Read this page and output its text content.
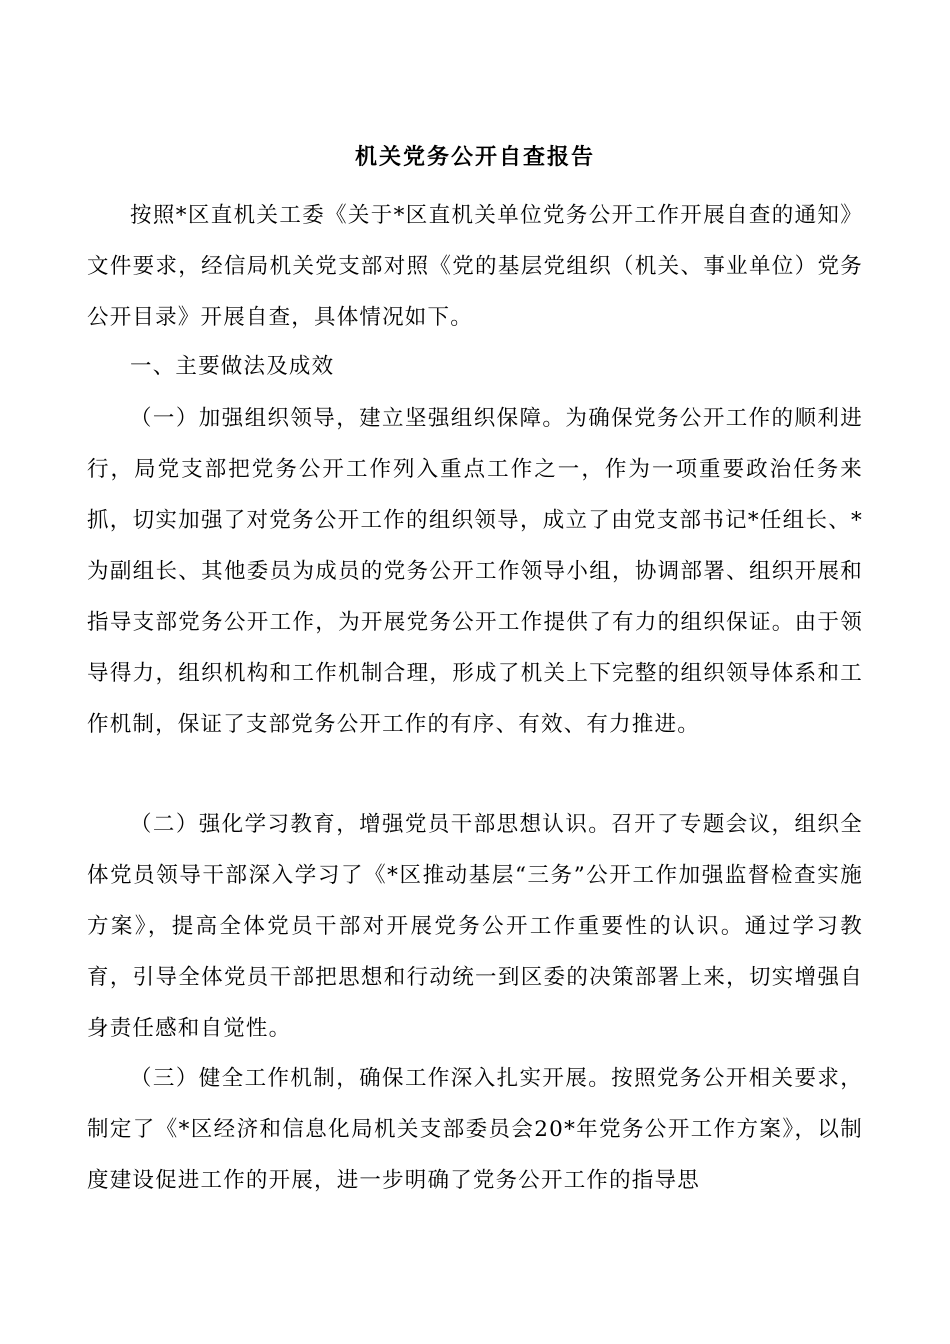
机关党务公开自查报告

按照*区直机关工委《关于*区直机关单位党务公开工作开展自查的通知》文件要求，经信局机关党支部对照《党的基层党组织（机关、事业单位）党务公开目录》开展自查，具体情况如下。

一、主要做法及成效

（一）加强组织领导，建立坚强组织保障。为确保党务公开工作的顺利进行，局党支部把党务公开工作列入重点工作之一，作为一项重要政治任务来抓，切实加强了对党务公开工作的组织领导，成立了由党支部书记*任组长、*为副组长、其他委员为成员的党务公开工作领导小组，协调部署、组织开展和指导支部党务公开工作，为开展党务公开工作提供了有力的组织保证。由于领导得力，组织机构和工作机制合理，形成了机关上下完整的组织领导体系和工作机制，保证了支部党务公开工作的有序、有效、有力推进。

（二）强化学习教育，增强党员干部思想认识。召开了专题会议，组织全体党员领导干部深入学习了《*区推动基层“三务”公开工作加强监督检查实施方案》，提高全体党员干部对开展党务公开工作重要性的认识。通过学习教育，引导全体党员干部把思想和行动统一到区委的决策部署上来，切实增强自身责任感和自觉性。

（三）健全工作机制，确保工作深入扎实开展。按照党务公开相关要求，制定了《*区经济和信息化局机关支部委员会20*年党务公开工作方案》，以制度建设促进工作的开展，进一步明确了党务公开工作的指导思
